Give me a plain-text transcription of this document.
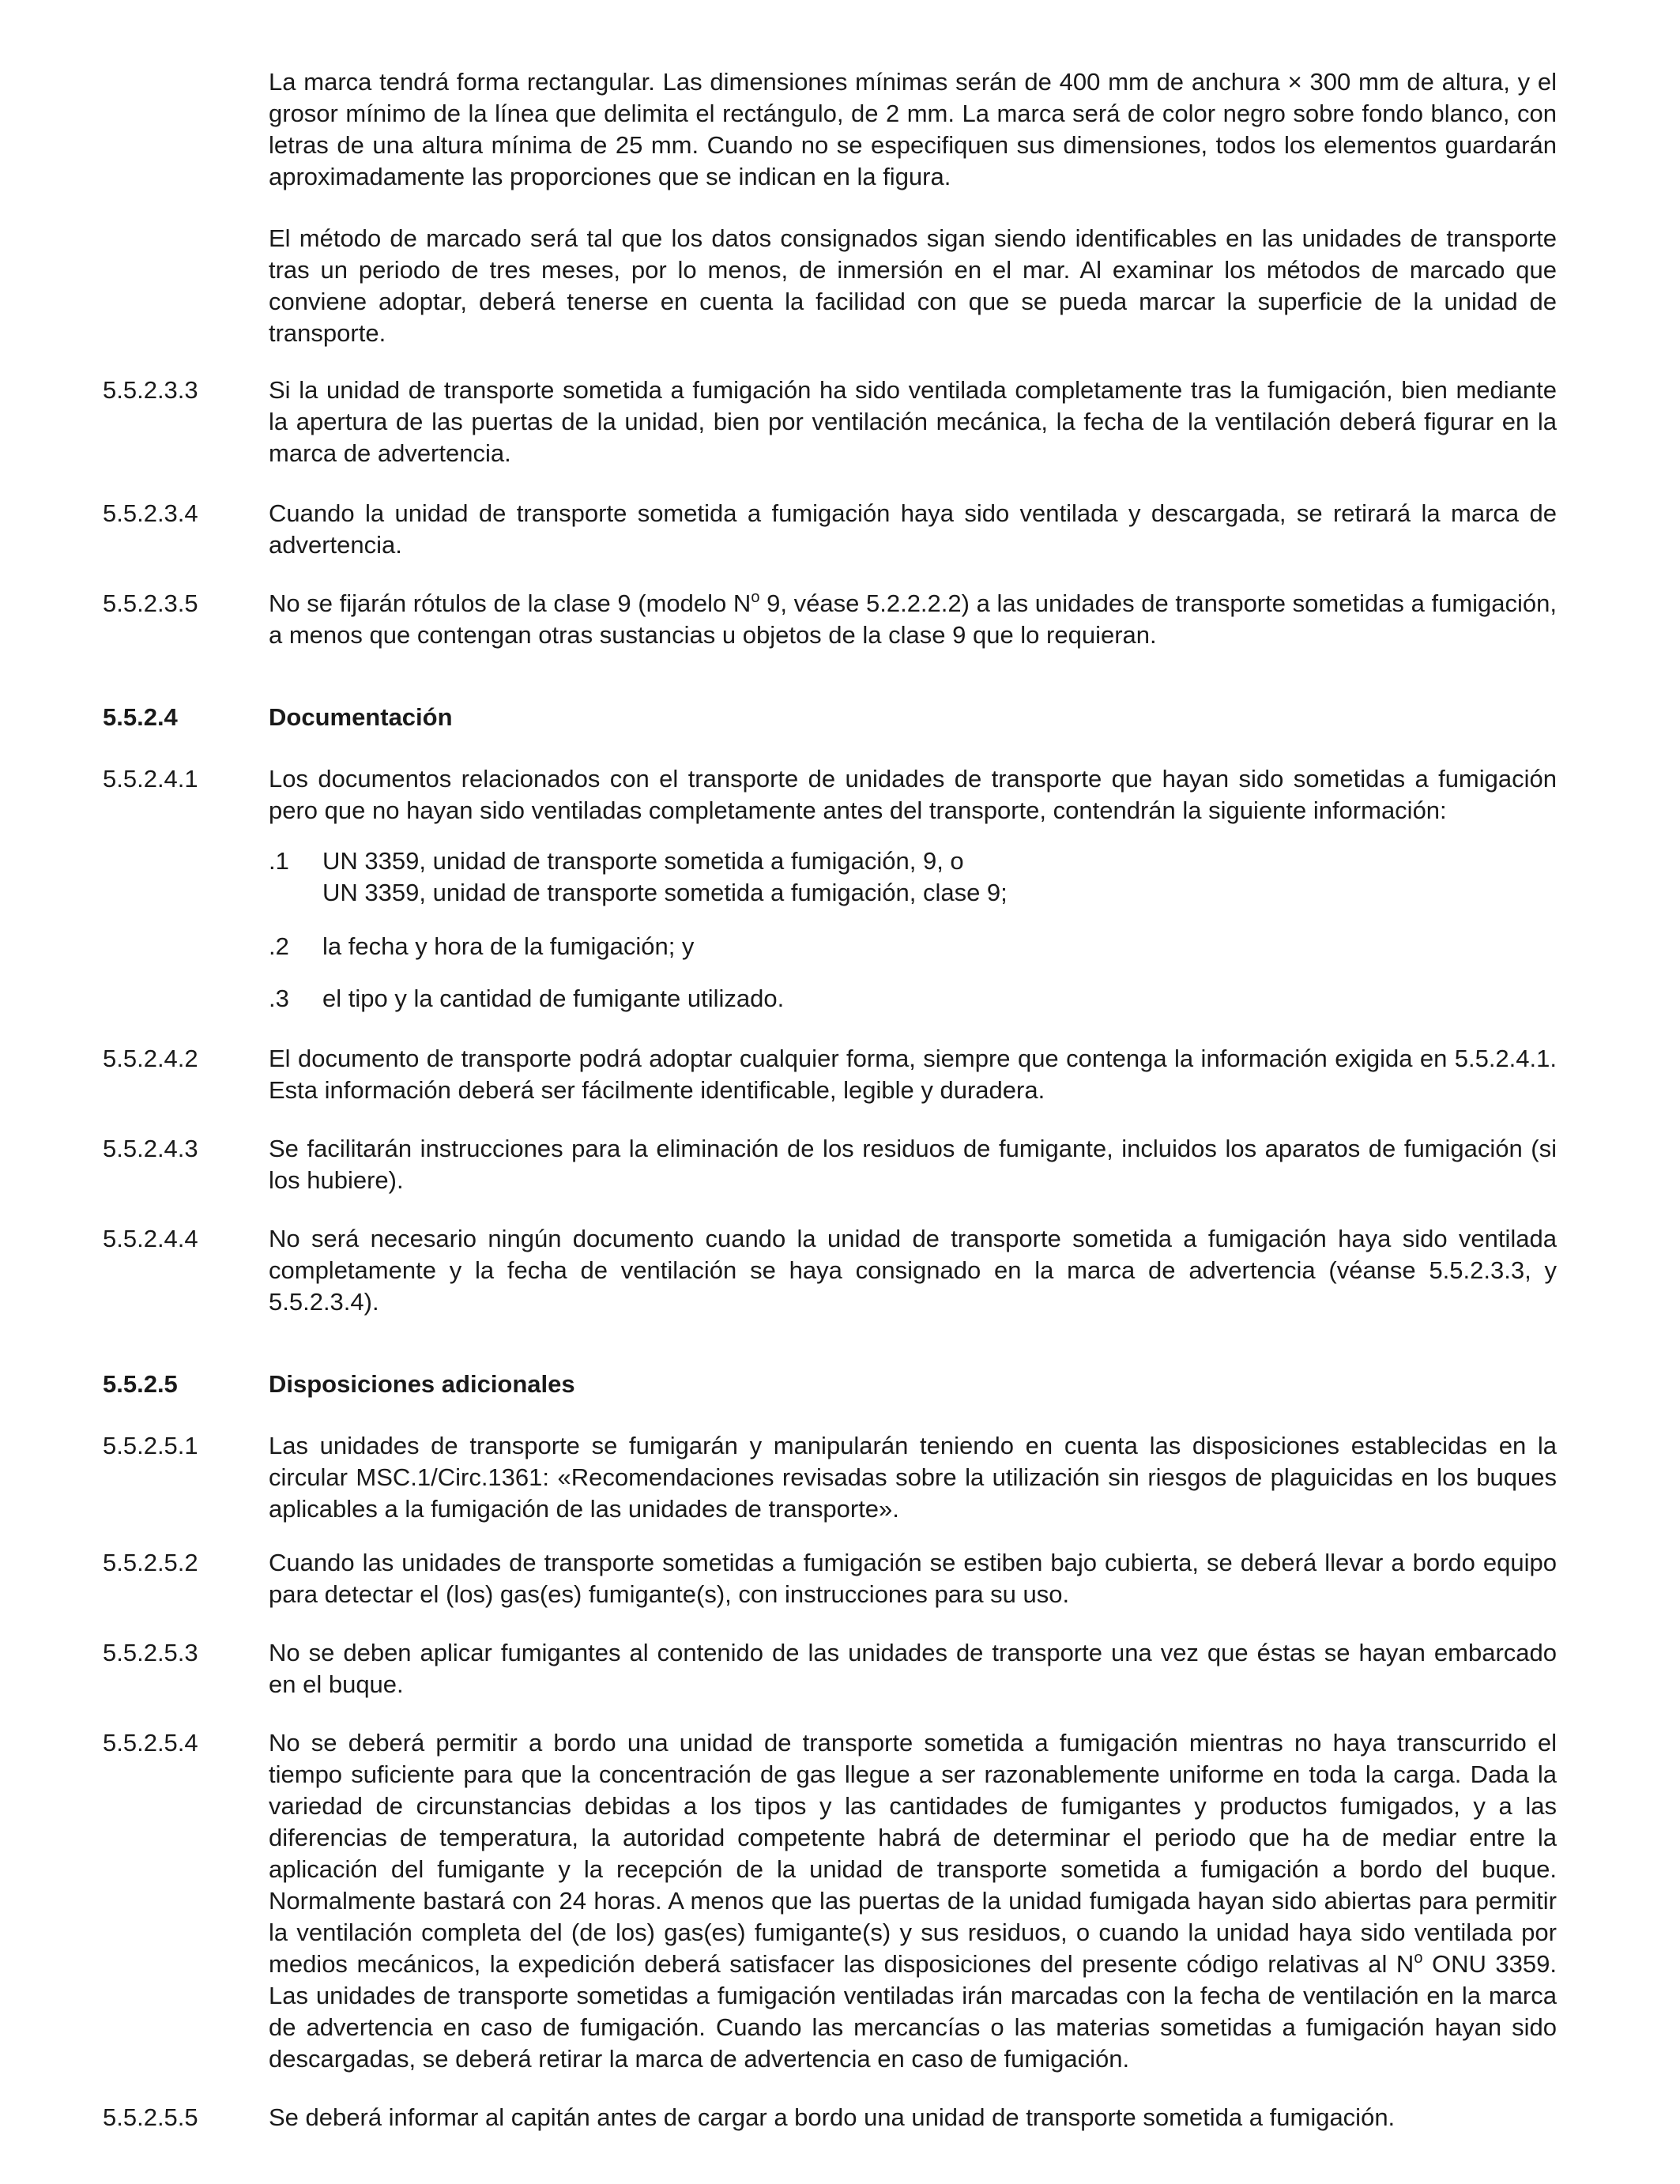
La marca tendrá forma rectangular. Las dimensiones mínimas serán de 400 mm de anchura × 300 mm de altura, y el grosor mínimo de la línea que delimita el rectángulo, de 2 mm. La marca será de color negro sobre fondo blanco, con letras de una altura mínima de 25 mm. Cuando no se especifiquen sus dimensiones, todos los elementos guardarán aproximadamente las proporciones que se indican en la figura.

El método de marcado será tal que los datos consignados sigan siendo identificables en las unidades de transporte tras un periodo de tres meses, por lo menos, de inmersión en el mar. Al examinar los métodos de marcado que conviene adoptar, deberá tenerse en cuenta la facilidad con que se pueda marcar la superficie de la unidad de transporte.

5.5.2.3.3	Si la unidad de transporte sometida a fumigación ha sido ventilada completamente tras la fumigación, bien mediante la apertura de las puertas de la unidad, bien por ventilación mecánica, la fecha de la ventilación deberá figurar en la marca de advertencia.

5.5.2.3.4	Cuando la unidad de transporte sometida a fumigación haya sido ventilada y descargada, se retirará la marca de advertencia.

5.5.2.3.5	No se fijarán rótulos de la clase 9 (modelo $N^o$ 9, véase 5.2.2.2.2) a las unidades de transporte sometidas a fumigación, a menos que contengan otras sustancias u objetos de la clase 9 que lo requieran.

5.5.2.4	Documentación

5.5.2.4.1	Los documentos relacionados con el transporte de unidades de transporte que hayan sido sometidas a fumigación pero que no hayan sido ventiladas completamente antes del transporte, contendrán la siguiente información:

.1 UN 3359, unidad de transporte sometida a fumigación, 9, o

UN 3359, unidad de transporte sometida a fumigación, clase 9;

.2 la fecha y hora de la fumigación; y

.3 el tipo y la cantidad de fumigante utilizado.

5.5.2.4.2	El documento de transporte podrá adoptar cualquier forma, siempre que contenga la información exigida en 5.5.2.4.1. Esta información deberá ser fácilmente identificable, legible y duradera.

5.5.2.4.3	Se facilitarán instrucciones para la eliminación de los residuos de fumigante, incluidos los aparatos de fumigación (si los hubiere).

5.5.2.4.4	No será necesario ningún documento cuando la unidad de transporte sometida a fumigación haya sido ventilada completamente y la fecha de ventilación se haya consignado en la marca de advertencia (véanse 5.5.2.3.3, y 5.5.2.3.4).

5.5.2.5	Disposiciones adicionales

5.5.2.5.1	Las unidades de transporte se fumigarán y manipularán teniendo en cuenta las disposiciones establecidas en la circular MSC.1/Circ.1361: «Recomendaciones revisadas sobre la utilización sin riesgos de plaguicidas en los buques aplicables a la fumigación de las unidades de transporte».

5.5.2.5.2	Cuando las unidades de transporte sometidas a fumigación se estiben bajo cubierta, se deberá llevar a bordo equipo para detectar el (los) gas(es) fumigante(s), con instrucciones para su uso.

5.5.2.5.3	No se deben aplicar fumigantes al contenido de las unidades de transporte una vez que éstas se hayan embarcado en el buque.

5.5.2.5.4	No se deberá permitir a bordo una unidad de transporte sometida a fumigación mientras no haya transcurrido el tiempo suficiente para que la concentración de gas llegue a ser razonablemente uniforme en toda la carga. Dada la variedad de circunstancias debidas a los tipos y las cantidades de fumigantes y productos fumigados, y a las diferencias de temperatura, la autoridad competente habrá de determinar el periodo que ha de mediar entre la aplicación del fumigante y la recepción de la unidad de transporte sometida a fumigación a bordo del buque. Normalmente bastará con 24 horas. A menos que las puertas de la unidad fumigada hayan sido abiertas para permitir la ventilación completa del (de los) gas(es) fumigante(s) y sus residuos, o cuando la unidad haya sido ventilada por medios mecánicos, la expedición deberá satisfacer las disposiciones del presente código relativas al $N^o$ ONU 3359. Las unidades de transporte sometidas a fumigación ventiladas irán marcadas con la fecha de ventilación en la marca de advertencia en caso de fumigación. Cuando las mercancías o las materias sometidas a fumigación hayan sido descargadas, se deberá retirar la marca de advertencia en caso de fumigación.

5.5.2.5.5	Se deberá informar al capitán antes de cargar a bordo una unidad de transporte sometida a fumigación.
